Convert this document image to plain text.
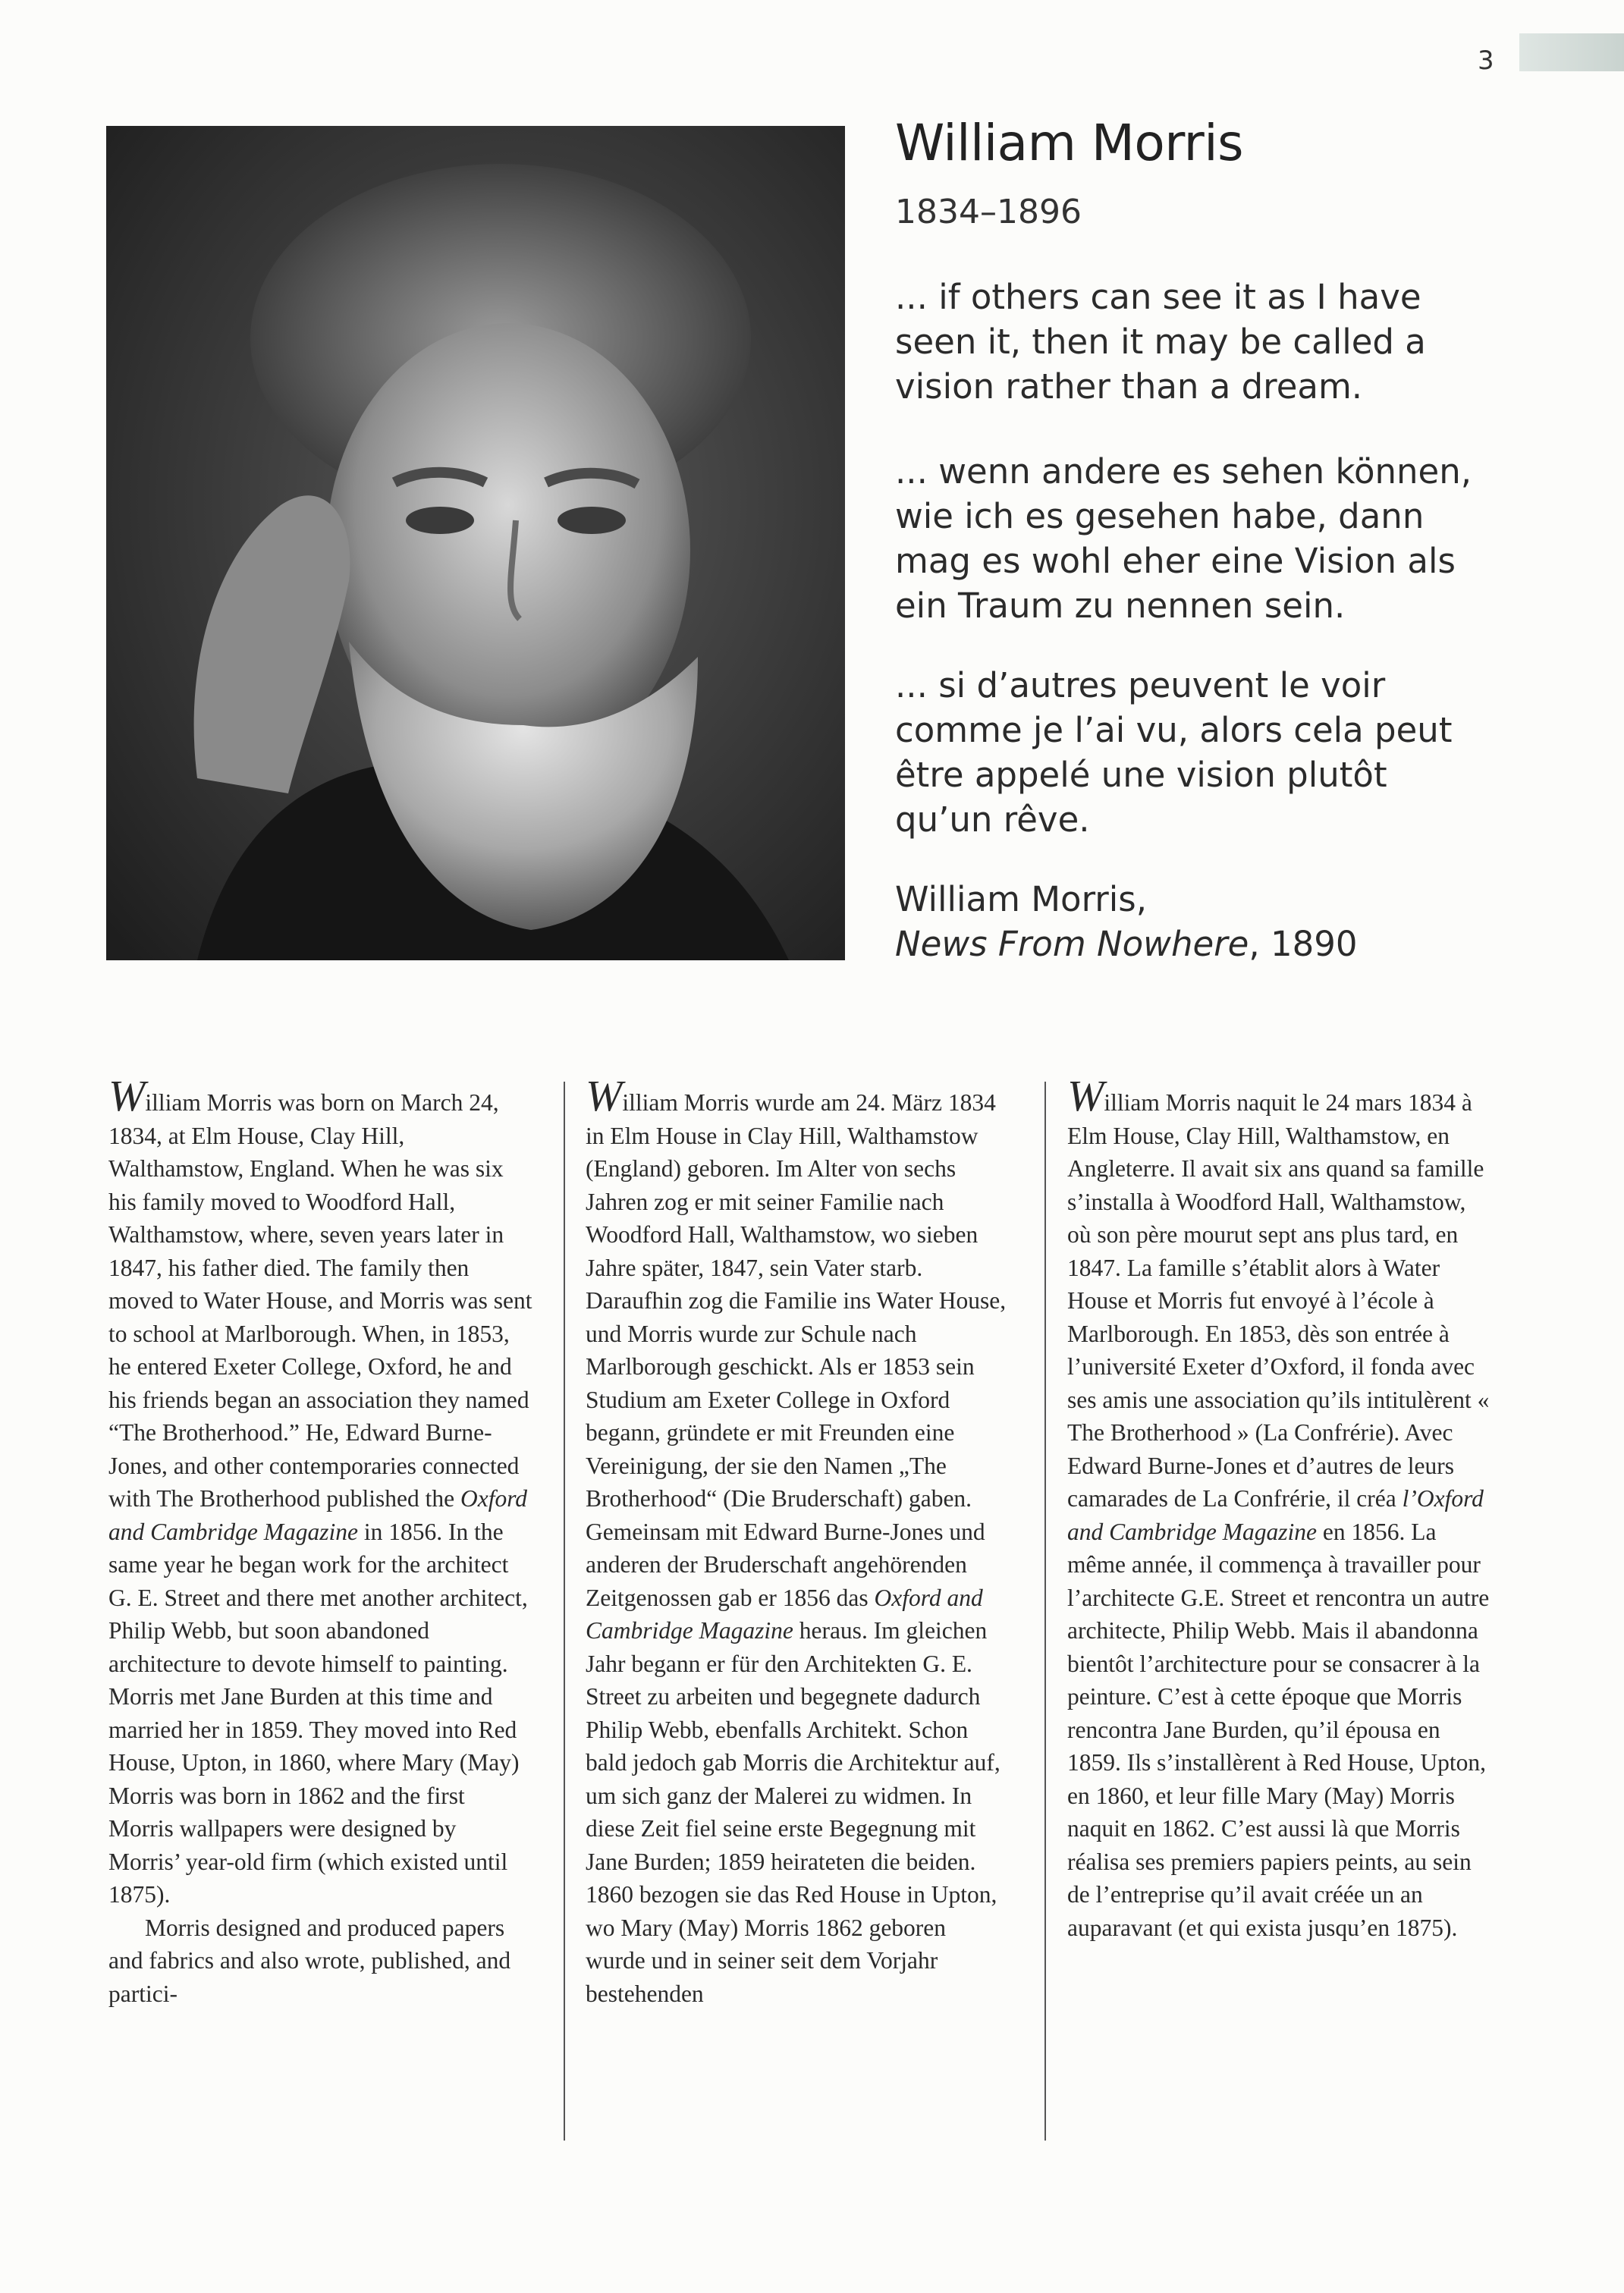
3
William Morris
1834–1896

... if others can see it as I have
seen it, then it may be called a
vision rather than a dream.

... wenn andere es sehen können,
wie ich es gesehen habe, dann
mag es wohl eher eine Vision als
ein Traum zu nennen sein.

... si d’autres peuvent le voir
comme je l’ai vu, alors cela peut
être appelé une vision plutôt
qu’un rêve.

William Morris,
News From Nowhere, 1890

William Morris was born on March 24, 1834, at Elm House, Clay Hill, Walthamstow, England. When he was six his family moved to Woodford Hall, Walthamstow, where, seven years later in 1847, his father died. The family then moved to Water House, and Morris was sent to school at Marlborough. When, in 1853, he entered Exeter College, Oxford, he and his friends began an association they named “The Brotherhood.” He, Edward Burne-Jones, and other contemporaries connected with The Brotherhood published the Oxford and Cambridge Magazine in 1856. In the same year he began work for the architect G. E. Street and there met another architect, Philip Webb, but soon abandoned architecture to devote himself to painting. Morris met Jane Burden at this time and married her in 1859. They moved into Red House, Upton, in 1860, where Mary (May) Morris was born in 1862 and the first Morris wallpapers were designed by Morris’ year-old firm (which existed until 1875).

Morris designed and produced papers and fabrics and also wrote, published, and partici-

William Morris wurde am 24. März 1834 in Elm House in Clay Hill, Walthamstow (England) geboren. Im Alter von sechs Jahren zog er mit seiner Familie nach Woodford Hall, Walthamstow, wo sieben Jahre später, 1847, sein Vater starb. Daraufhin zog die Familie ins Water House, und Morris wurde zur Schule nach Marlborough geschickt. Als er 1853 sein Studium am Exeter College in Oxford begann, gründete er mit Freunden eine Vereinigung, der sie den Namen „The Brotherhood“ (Die Bruderschaft) gaben. Gemeinsam mit Edward Burne-Jones und anderen der Bruderschaft angehörenden Zeitgenossen gab er 1856 das Oxford and Cambridge Magazine heraus. Im gleichen Jahr begann er für den Architekten G. E. Street zu arbeiten und begegnete dadurch Philip Webb, ebenfalls Architekt. Schon bald jedoch gab Morris die Architektur auf, um sich ganz der Malerei zu widmen. In diese Zeit fiel seine erste Begegnung mit Jane Burden; 1859 heirateten die beiden. 1860 bezogen sie das Red House in Upton, wo Mary (May) Morris 1862 geboren wurde und in seiner seit dem Vorjahr bestehenden

William Morris naquit le 24 mars 1834 à Elm House, Clay Hill, Walthamstow, en Angleterre. Il avait six ans quand sa famille s’installa à Woodford Hall, Walthamstow, où son père mourut sept ans plus tard, en 1847. La famille s’établit alors à Water House et Morris fut envoyé à l’école à Marlborough. En 1853, dès son entrée à l’université Exeter d’Oxford, il fonda avec ses amis une association qu’ils intitulèrent « The Brotherhood » (La Confrérie). Avec Edward Burne-Jones et d’autres de leurs camarades de La Confrérie, il créa l’Oxford and Cambridge Magazine en 1856. La même année, il commença à travailler pour l’architecte G.E. Street et rencontra un autre architecte, Philip Webb. Mais il abandonna bientôt l’architecture pour se consacrer à la peinture. C’est à cette époque que Morris rencontra Jane Burden, qu’il épousa en 1859. Ils s’installèrent à Red House, Upton, en 1860, et leur fille Mary (May) Morris naquit en 1862. C’est aussi là que Morris réalisa ses premiers papiers peints, au sein de l’entreprise qu’il avait créée un an auparavant (et qui exista jusqu’en 1875).
